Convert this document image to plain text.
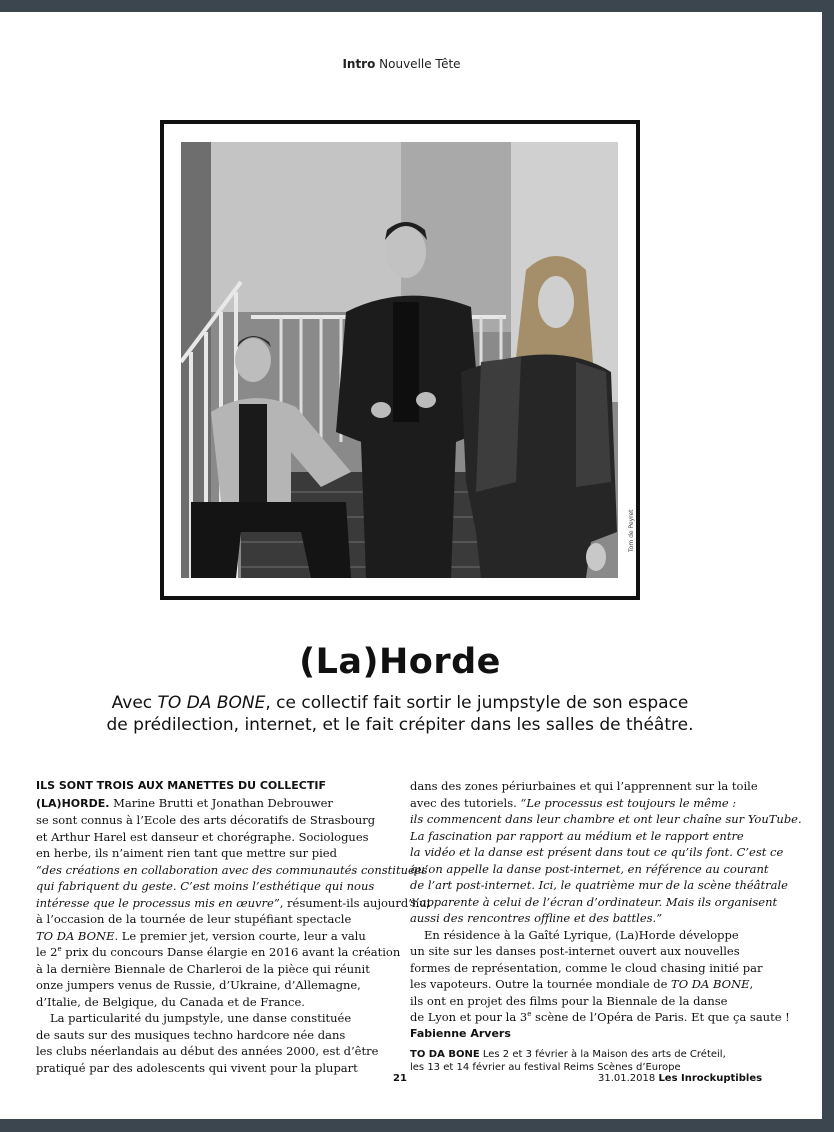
Intro Nouvelle Tête
Tom de Peyret
(La)Horde
Avec TO DA BONE, ce collectif fait sortir le jumpstyle de son espace
de prédilection, internet, et le fait crépiter dans les salles de théâtre.
ILS SONT TROIS AUX MANETTES DU COLLECTIF
(LA)HORDE. Marine Brutti et Jonathan Debrouwer
se sont connus à l’Ecole des arts décoratifs de Strasbourg
et Arthur Harel est danseur et chorégraphe. Sociologues
en herbe, ils n’aiment rien tant que mettre sur pied
“des créations en collaboration avec des communautés constituées
qui fabriquent du geste. C’est moins l’esthétique qui nous
intéresse que le processus mis en œuvre”, résument-ils aujourd’hui
à l’occasion de la tournée de leur stupéfiant spectacle
TO DA BONE. Le premier jet, version courte, leur a valu
le 2e prix du concours Danse élargie en 2016 avant la création
à la dernière Biennale de Charleroi de la pièce qui réunit
onze jumpers venus de Russie, d’Ukraine, d’Allemagne,
d’Italie, de Belgique, du Canada et de France.
La particularité du jumpstyle, une danse constituée
de sauts sur des musiques techno hardcore née dans
les clubs néerlandais au début des années 2000, est d’être
pratiqué par des adolescents qui vivent pour la plupart
dans des zones périurbaines et qui l’apprennent sur la toile
avec des tutoriels. “Le processus est toujours le même :
ils commencent dans leur chambre et ont leur chaîne sur YouTube.
La fascination par rapport au médium et le rapport entre
la vidéo et la danse est présent dans tout ce qu’ils font. C’est ce
qu’on appelle la danse post-internet, en référence au courant
de l’art post-internet. Ici, le quatrième mur de la scène théâtrale
s’apparente à celui de l’écran d’ordinateur. Mais ils organisent
aussi des rencontres offline et des battles.”
En résidence à la Gaîté Lyrique, (La)Horde développe
un site sur les danses post-internet ouvert aux nouvelles
formes de représentation, comme le cloud chasing initié par
les vapoteurs. Outre la tournée mondiale de TO DA BONE,
ils ont en projet des films pour la Biennale de la danse
de Lyon et pour la 3e scène de l’Opéra de Paris. Et que ça saute !
Fabienne Arvers
TO DA BONE Les 2 et 3 février à la Maison des arts de Créteil,
les 13 et 14 février au festival Reims Scènes d’Europe
21	31.01.2018 Les Inrockuptibles
